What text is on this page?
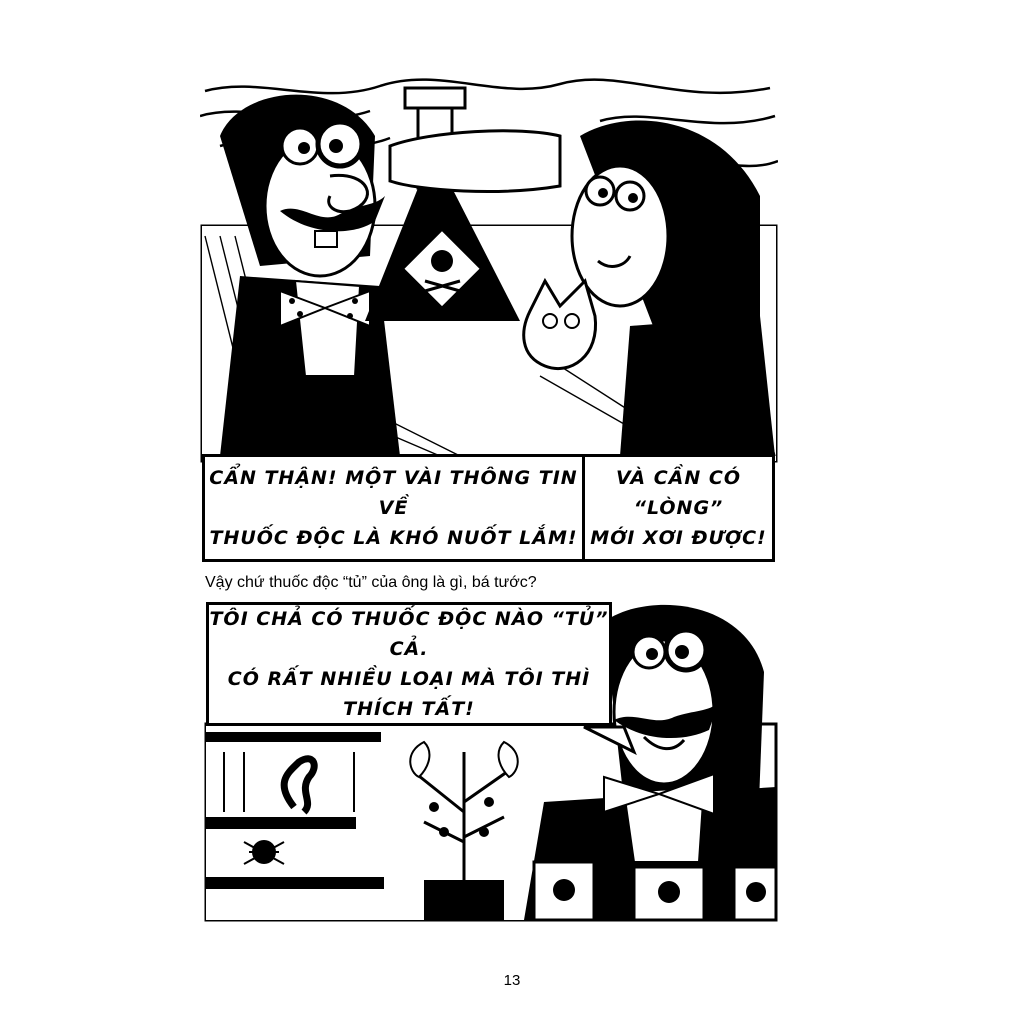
CẨN THẬN! MỘT VÀI THÔNG TIN VỀ
THUỐC ĐỘC LÀ KHÓ NUỐT LẮM!
VÀ CẦN CÓ “LÒNG”
MỚI XƠI ĐƯỢC!
Vậy chứ thuốc độc “tủ” của ông là gì, bá tước?
TÔI CHẢ CÓ THUỐC ĐỘC NÀO “TỦ” CẢ.
CÓ RẤT NHIỀU LOẠI MÀ TÔI THÌ
THÍCH TẤT!
13
